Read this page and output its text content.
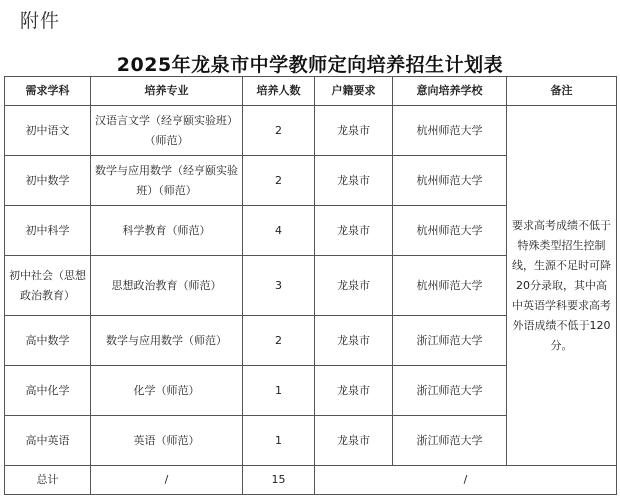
附件
2025年龙泉市中学教师定向培养招生计划表
需求学科	培养专业	培养人数	户籍要求	意向培养学校	备注
初中语文	汉语言文学（经亨颐实验班）（师范）	2	龙泉市	杭州师范大学	要求高考成绩不低于特殊类型招生控制线，生源不足时可降20分录取，其中高中英语学科要求高考外语成绩不低于120分。
初中数学	数学与应用数学（经亨颐实验班）（师范）	2	龙泉市	杭州师范大学	
初中科学	科学教育（师范）	4	龙泉市	杭州师范大学	
初中社会（思想政治教育）	思想政治教育（师范）	3	龙泉市	杭州师范大学	
高中数学	数学与应用数学（师范）	2	龙泉市	浙江师范大学	
高中化学	化学（师范）	1	龙泉市	浙江师范大学	
高中英语	英语（师范）	1	龙泉市	浙江师范大学	
总计	/	15	/		
